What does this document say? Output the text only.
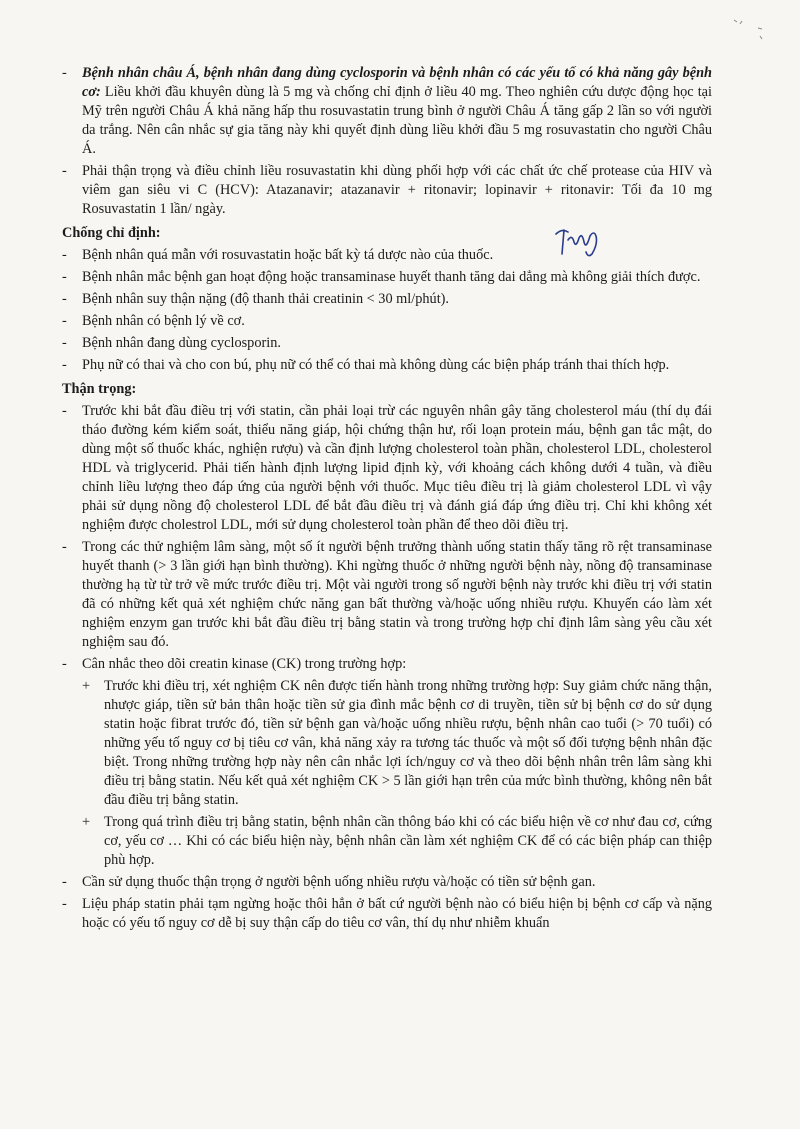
-	Bệnh nhân châu Á, bệnh nhân đang dùng cyclosporin và bệnh nhân có các yếu tố có khả năng gây bệnh cơ: Liều khởi đầu khuyên dùng là 5 mg và chống chỉ định ở liều 40 mg. Theo nghiên cứu dược động học tại Mỹ trên người Châu Á khả năng hấp thu rosuvastatin trung bình ở người Châu Á tăng gấp 2 lần so với người da trắng. Nên cân nhắc sự gia tăng này khi quyết định dùng liều khởi đầu 5 mg rosuvastatin cho người Châu Á.
-	Phải thận trọng và điều chỉnh liều rosuvastatin khi dùng phối hợp với các chất ức chế protease của HIV và viêm gan siêu vi C (HCV): Atazanavir; atazanavir + ritonavir; lopinavir + ritonavir: Tối đa 10 mg Rosuvastatin 1 lần/ ngày.
Chống chỉ định:
-	Bệnh nhân quá mẫn với rosuvastatin hoặc bất kỳ tá dược nào của thuốc.
-	Bệnh nhân mắc bệnh gan hoạt động hoặc transaminase huyết thanh tăng dai dẳng mà không giải thích được.
-	Bệnh nhân suy thận nặng (độ thanh thải creatinin < 30 ml/phút).
-	Bệnh nhân có bệnh lý về cơ.
-	Bệnh nhân đang dùng cyclosporin.
-	Phụ nữ có thai và cho con bú, phụ nữ có thể có thai mà không dùng các biện pháp tránh thai thích hợp.
Thận trọng:
-	Trước khi bắt đầu điều trị với statin, cần phải loại trừ các nguyên nhân gây tăng cholesterol máu (thí dụ đái tháo đường kém kiểm soát, thiểu năng giáp, hội chứng thận hư, rối loạn protein máu, bệnh gan tắc mật, do dùng một số thuốc khác, nghiện rượu) và cần định lượng cholesterol toàn phần, cholesterol LDL, cholesterol HDL và triglycerid. Phải tiến hành định lượng lipid định kỳ, với khoảng cách không dưới 4 tuần, và điều chỉnh liều lượng theo đáp ứng của người bệnh với thuốc. Mục tiêu điều trị là giảm cholesterol LDL vì vậy phải sử dụng nồng độ cholesterol LDL để bắt đầu điều trị và đánh giá đáp ứng điều trị. Chỉ khi không xét nghiệm được cholestrol LDL, mới sử dụng cholesterol toàn phần để theo dõi điều trị.
-	Trong các thử nghiệm lâm sàng, một số ít người bệnh trưởng thành uống statin thấy tăng rõ rệt transaminase huyết thanh (> 3 lần giới hạn bình thường). Khi ngừng thuốc ở những người bệnh này, nồng độ transaminase thường hạ từ từ trở về mức trước điều trị. Một vài người trong số người bệnh này trước khi điều trị với statin đã có những kết quả xét nghiệm chức năng gan bất thường và/hoặc uống nhiều rượu. Khuyến cáo làm xét nghiệm enzym gan trước khi bắt đầu điều trị bằng statin và trong trường hợp chỉ định lâm sàng yêu cầu xét nghiệm sau đó.
-	Cân nhắc theo dõi creatin kinase (CK) trong trường hợp:
+ Trước khi điều trị, xét nghiệm CK nên được tiến hành trong những trường hợp: Suy giảm chức năng thận, nhược giáp, tiền sử bản thân hoặc tiền sử gia đình mắc bệnh cơ di truyền, tiền sử bị bệnh cơ do sử dụng statin hoặc fibrat trước đó, tiền sử bệnh gan và/hoặc uống nhiều rượu, bệnh nhân cao tuổi (> 70 tuổi) có những yếu tố nguy cơ bị tiêu cơ vân, khả năng xảy ra tương tác thuốc và một số đối tượng bệnh nhân đặc biệt. Trong những trường hợp này nên cân nhắc lợi ích/nguy cơ và theo dõi bệnh nhân trên lâm sàng khi điều trị bằng statin. Nếu kết quả xét nghiệm CK > 5 lần giới hạn trên của mức bình thường, không nên bắt đầu điều trị bằng statin.
+ Trong quá trình điều trị bằng statin, bệnh nhân cần thông báo khi có các biểu hiện về cơ như đau cơ, cứng cơ, yếu cơ … Khi có các biểu hiện này, bệnh nhân cần làm xét nghiệm CK để có các biện pháp can thiệp phù hợp.
-	Cần sử dụng thuốc thận trọng ở người bệnh uống nhiều rượu và/hoặc có tiền sử bệnh gan.
-	Liệu pháp statin phải tạm ngừng hoặc thôi hẳn ở bất cứ người bệnh nào có biểu hiện bị bệnh cơ cấp và nặng hoặc có yếu tố nguy cơ dễ bị suy thận cấp do tiêu cơ vân, thí dụ như nhiễm khuẩn
